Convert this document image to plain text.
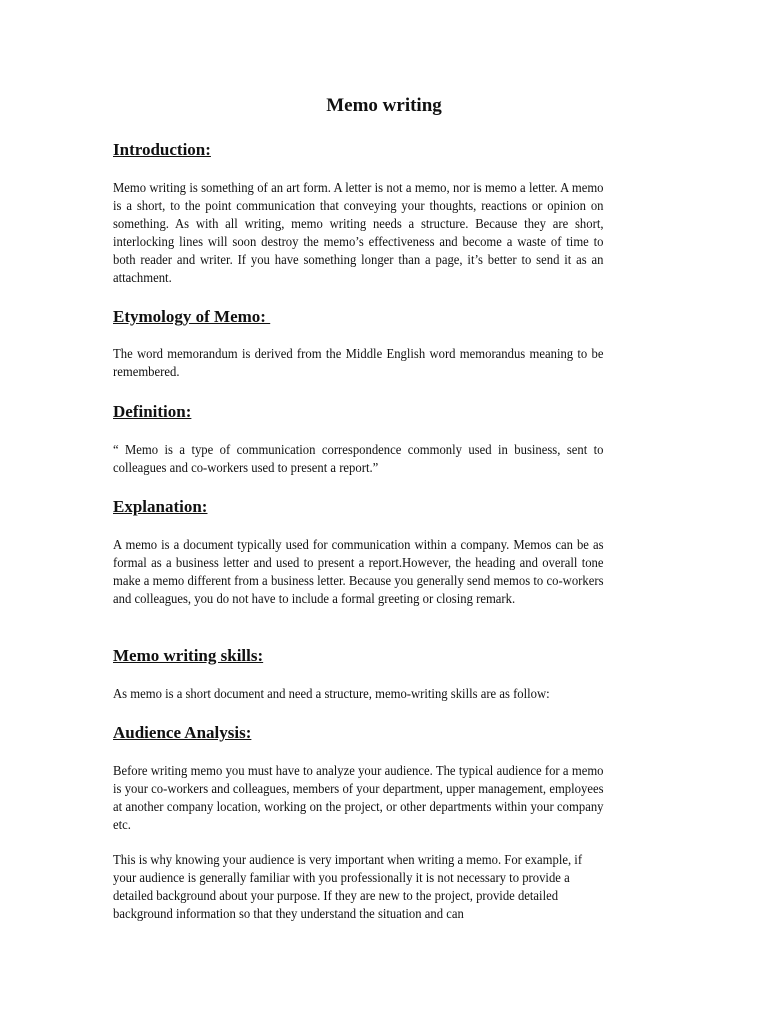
Memo writing
Introduction:

Memo writing is something of an art form. A letter is not a memo, nor is memo a letter. A memo is a short, to the point communication that conveying your thoughts, reactions or opinion on something. As with all writing, memo writing needs a structure. Because they are short, interlocking lines will soon destroy the memo’s effectiveness and become a waste of time to both reader and writer. If you have something longer than a page, it’s better to send it as an attachment.

Etymology of Memo:

The word memorandum is derived from the Middle English word memorandus meaning to be remembered.

Definition:

“ Memo is a type of communication correspondence commonly used in business, sent to colleagues and co-workers used to present a report.”

Explanation:

A memo is a document typically used for communication within a company. Memos can be as formal as a business letter and used to present a report.However, the heading and overall tone make a memo different from a business letter. Because you generally send memos to co-workers and colleagues, you do not have to include a formal greeting or closing remark.

Memo writing skills:

As memo is a short document and need a structure, memo-writing skills are as follow:

Audience Analysis:

Before writing memo you must have to analyze your audience. The typical audience for a memo is your co-workers and colleagues, members of your department, upper management, employees at another company location, working on the project, or other departments within your company etc.

This is why knowing your audience is very important when writing a memo. For example, if your audience is generally familiar with you professionally it is not necessary to provide a detailed background about your purpose. If they are new to the project, provide detailed background information so that they understand the situation and can
